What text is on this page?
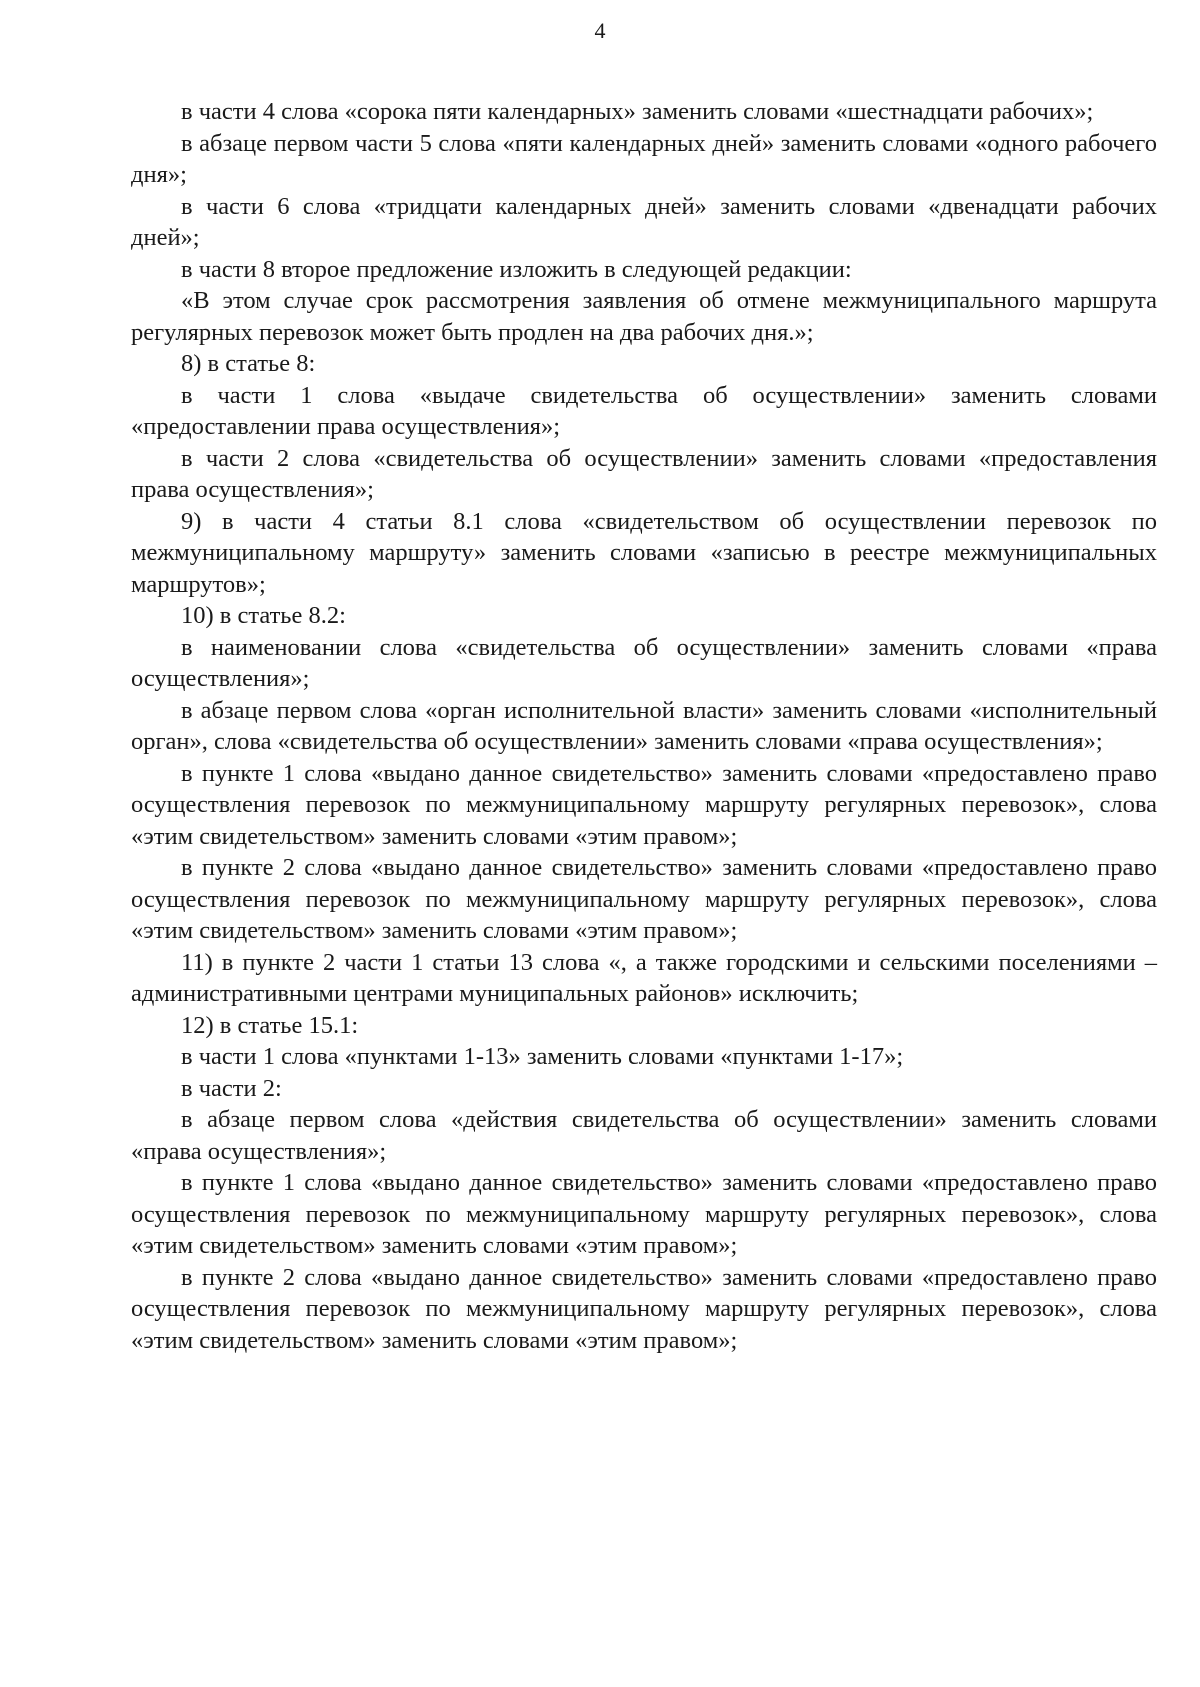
4

в части 4 слова «сорока пяти календарных» заменить словами «шестнадцати рабочих»;

в абзаце первом части 5 слова «пяти календарных дней» заменить словами «одного рабочего дня»;

в части 6 слова «тридцати календарных дней» заменить словами «двенадцати рабочих дней»;

в части 8 второе предложение изложить в следующей редакции:

«В этом случае срок рассмотрения заявления об отмене межмуниципального маршрута регулярных перевозок может быть продлен на два рабочих дня.»;

8) в статье 8:

в части 1 слова «выдаче свидетельства об осуществлении» заменить словами «предоставлении права осуществления»;

в части 2 слова «свидетельства об осуществлении» заменить словами «предоставления права осуществления»;

9) в части 4 статьи 8.1 слова «свидетельством об осуществлении перевозок по межмуниципальному маршруту» заменить словами «записью в реестре межмуниципальных маршрутов»;

10) в статье 8.2:

в наименовании слова «свидетельства об осуществлении» заменить словами «права осуществления»;

в абзаце первом слова «орган исполнительной власти» заменить словами «исполнительный орган», слова «свидетельства об осуществлении» заменить словами «права осуществления»;

в пункте 1 слова «выдано данное свидетельство» заменить словами «предоставлено право осуществления перевозок по межмуниципальному маршруту регулярных перевозок», слова «этим свидетельством» заменить словами «этим правом»;

в пункте 2 слова «выдано данное свидетельство» заменить словами «предоставлено право осуществления перевозок по межмуниципальному маршруту регулярных перевозок», слова «этим свидетельством» заменить словами «этим правом»;

11) в пункте 2 части 1 статьи 13 слова «, а также городскими и сельскими поселениями – административными центрами муниципальных районов» исключить;

12) в статье 15.1:

в части 1 слова «пунктами 1-13» заменить словами «пунктами 1-17»;

в части 2:

в абзаце первом слова «действия свидетельства об осуществлении» заменить словами «права осуществления»;

в пункте 1 слова «выдано данное свидетельство» заменить словами «предоставлено право осуществления перевозок по межмуниципальному маршруту регулярных перевозок», слова «этим свидетельством» заменить словами «этим правом»;

в пункте 2 слова «выдано данное свидетельство» заменить словами «предоставлено право осуществления перевозок по межмуниципальному маршруту регулярных перевозок», слова «этим свидетельством» заменить словами «этим правом»;
